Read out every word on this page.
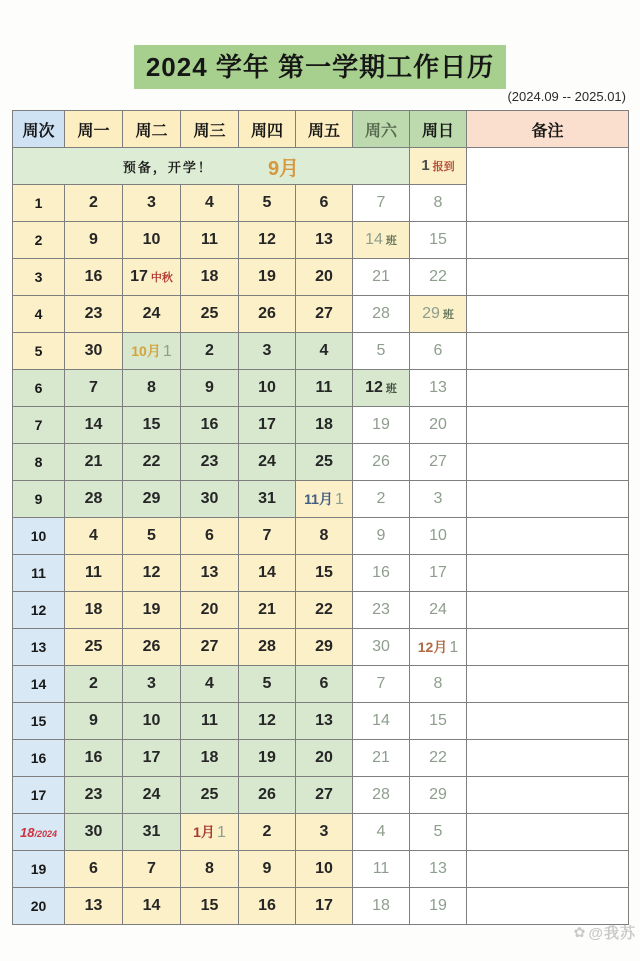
2024 学年 第一学期工作日历
(2024.09 -- 2025.01)
周次	周一	周二	周三	周四	周五	周六	周日	备注

预备，开学！ 9月							1 报到	
1	2	3	4	5	6	7	8	
2	9	10	11	12	13	14 班	15	
3	16	17 中秋	18	19	20	21	22	
4	23	24	25	26	27	28	29 班	
5	30	10月 1	2	3	4	5	6	
6	7	8	9	10	11	12 班	13	
7	14	15	16	17	18	19	20	
8	21	22	23	24	25	26	27	
9	28	29	30	31	11月 1	2	3	
10	4	5	6	7	8	9	10	
11	11	12	13	14	15	16	17	
12	18	19	20	21	22	23	24	
13	25	26	27	28	29	30	12月 1	
14	2	3	4	5	6	7	8	
15	9	10	11	12	13	14	15	
16	16	17	18	19	20	21	22	
17	23	24	25	26	27	28	29	
18/2024	30	31	1月 1	2	3	4	5	
19	6	7	8	9	10	11	13	
20	13	14	15	16	17	18	19	
✿ @我苏
